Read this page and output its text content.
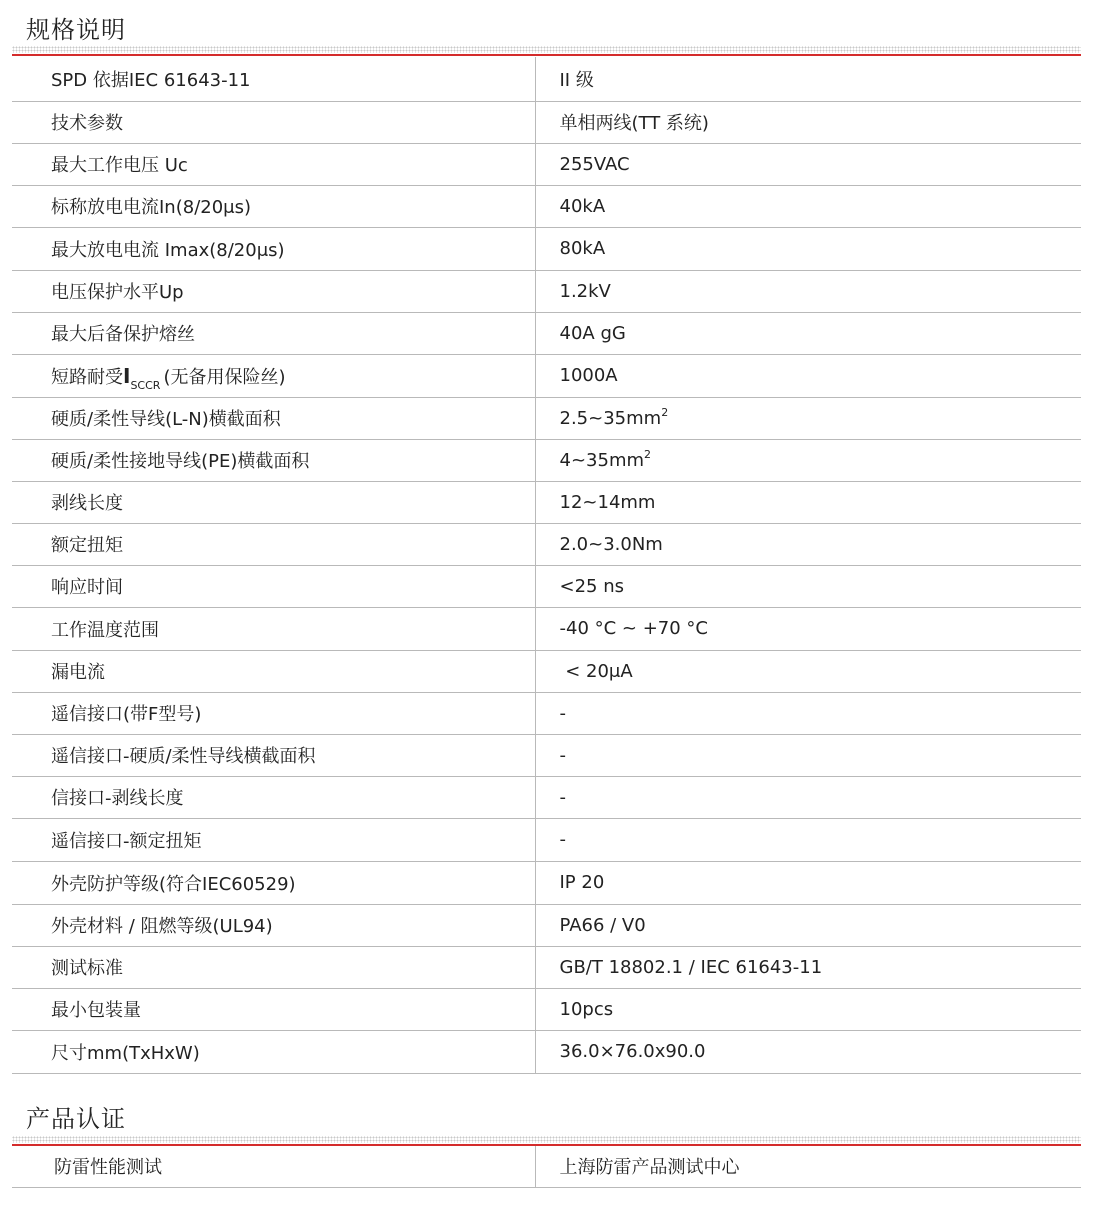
规格说明
SPD 依据IEC 61643-11	II 级
技术参数	单相两线(TT 系统)
最大工作电压 Uc	255VAC
标称放电电流In(8/20μs)	40kA
最大放电电流 Imax(8/20μs)	80kA
电压保护水平Up	1.2kV
最大后备保护熔丝	40A gG
短路耐受$I_{SCCR}$ (无备用保险丝)	1000A
硬质/柔性导线(L-N)横截面积	$2.5\sim 35mm^2$
硬质/柔性接地导线(PE)横截面积	$4\sim 35mm^2$
剥线长度	12~14mm
额定扭矩	2.0~3.0Nm
响应时间	<25 ns
工作温度范围	-40 °C ~ +70 °C
漏电流	< 20μA
遥信接口(带F型号)	-
遥信接口-硬质/柔性导线横截面积	-
信接口-剥线长度	-
遥信接口-额定扭矩	-
外壳防护等级(符合IEC60529)	IP 20
外壳材料 / 阻燃等级(UL94)	PA66 / V0
测试标准	GB/T 18802.1 / IEC 61643-11
最小包装量	10pcs
尺寸mm(TxHxW)	36.0×76.0x90.0
产品认证
防雷性能测试	上海防雷产品测试中心
